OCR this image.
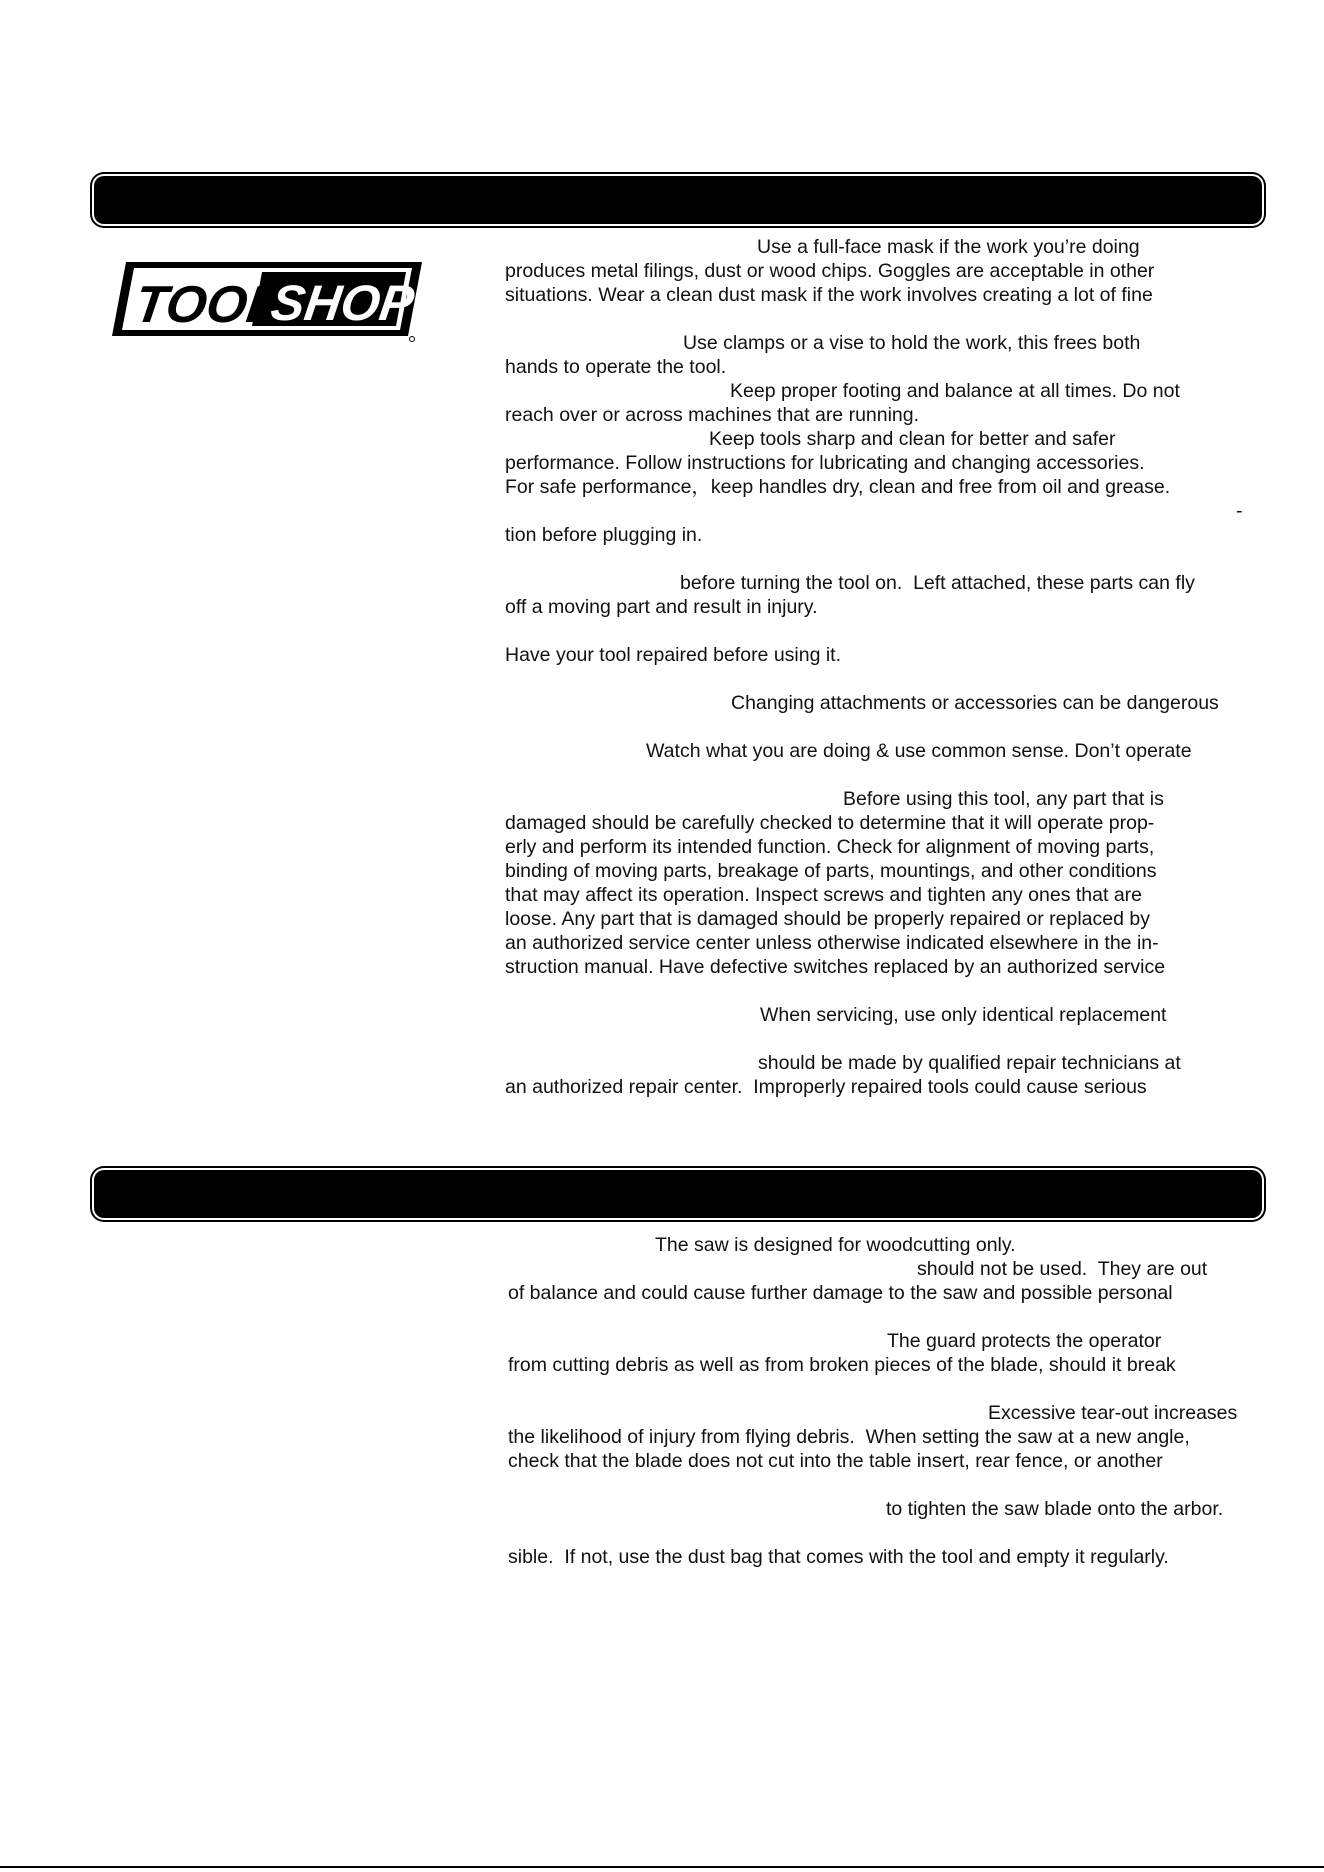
TOOL
SHOP

Use a full-face mask if the work you’re doing

produces metal filings, dust or wood chips. Goggles are acceptable in other

situations. Wear a clean dust mask if the work involves creating a lot of fine

Use clamps or a vise to hold the work, this frees both

hands to operate the tool.

Keep proper footing and balance at all times. Do not

reach over or across machines that are running.

Keep tools sharp and clean for better and safer

performance. Follow instructions for lubricating and changing accessories.

For safe performance，keep handles dry, clean and free from oil and grease.

-

tion before plugging in.

before turning the tool on.  Left attached, these parts can fly

off a moving part and result in injury.

Have your tool repaired before using it.

Changing attachments or accessories can be dangerous

Watch what you are doing & use common sense. Don’t operate

Before using this tool, any part that is

damaged should be carefully checked to determine that it will operate prop-

erly and perform its intended function. Check for alignment of moving parts,

binding of moving parts, breakage of parts, mountings, and other conditions

that may affect its operation. Inspect screws and tighten any ones that are

loose. Any part that is damaged should be properly repaired or replaced by

an authorized service center unless otherwise indicated elsewhere in the in-

struction manual. Have defective switches replaced by an authorized service

When servicing, use only identical replacement

should be made by qualified repair technicians at

an authorized repair center.  Improperly repaired tools could cause serious

The saw is designed for woodcutting only.

should not be used.  They are out

of balance and could cause further damage to the saw and possible personal

The guard protects the operator

from cutting debris as well as from broken pieces of the blade, should it break

Excessive tear-out increases

the likelihood of injury from flying debris.  When setting the saw at a new angle,

check that the blade does not cut into the table insert, rear fence, or another

to tighten the saw blade onto the arbor.

sible.  If not, use the dust bag that comes with the tool and empty it regularly.
